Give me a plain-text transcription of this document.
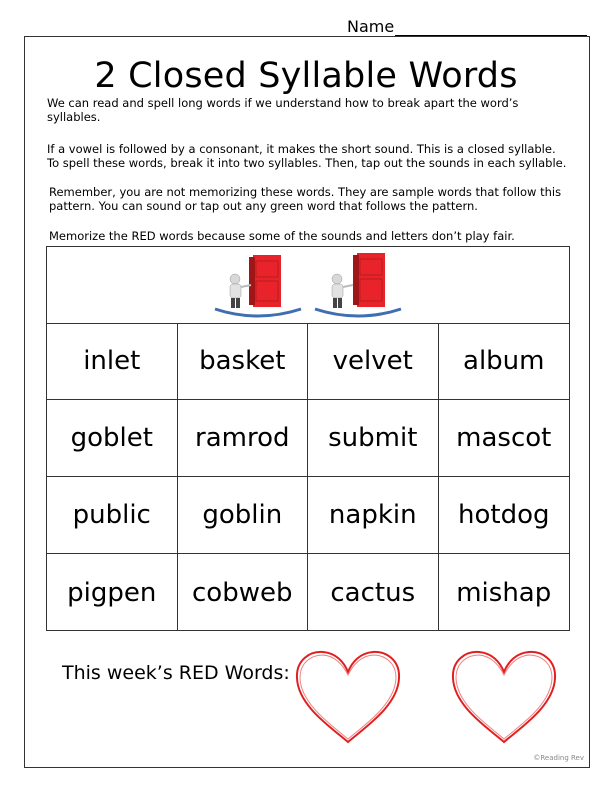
Name
2 Closed Syllable Words
We can read and spell long words if we understand how to break apart the word’s syllables.
If a vowel is followed by a consonant, it makes the short sound. This is a closed syllable. To spell these words, break it into two syllables. Then, tap out the sounds in each syllable.
Remember, you are not memorizing these words. They are sample words that follow this pattern. You can sound or tap out any green word that follows the pattern.
Memorize the RED words because some of the sounds and letters don’t play fair.
inlet	basket	velvet	album
goblet	ramrod	submit	mascot
public	goblin	napkin	hotdog
pigpen	cobweb	cactus	mishap
This week’s RED Words:
©Reading Rev
